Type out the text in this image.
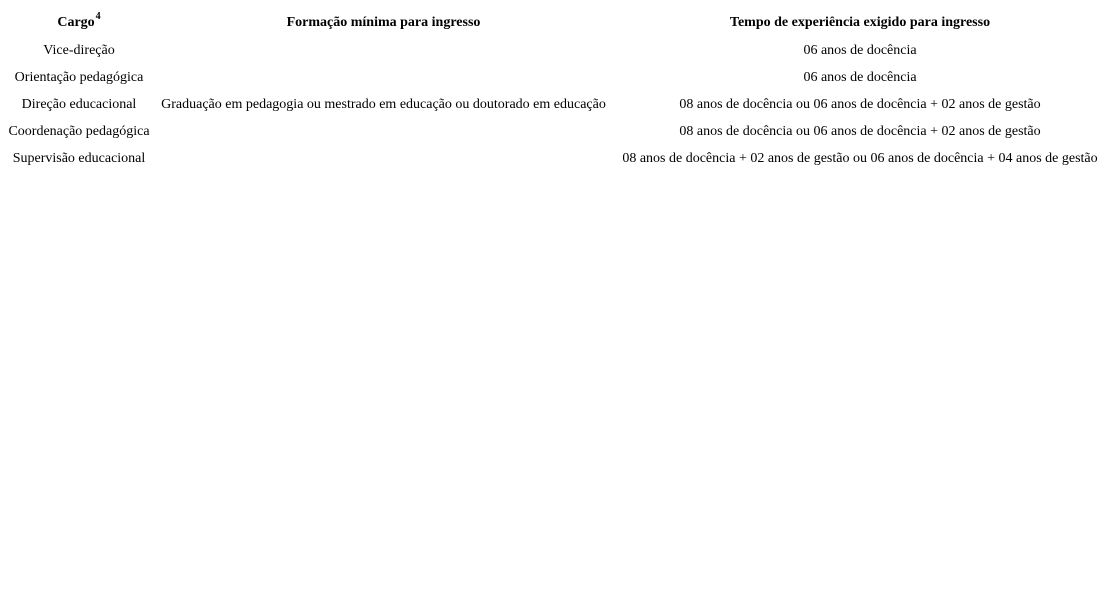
Cargo$^4$	Formação mínima para ingresso	Tempo de experiência exigido para ingresso
Vice-direção		06 anos de docência
Orientação pedagógica		06 anos de docência
Direção educacional	Graduação em pedagogia ou mestrado em educação ou doutorado em educação	08 anos de docência ou 06 anos de docência + 02 anos de gestão
Coordenação pedagógica		08 anos de docência ou 06 anos de docência + 02 anos de gestão
Supervisão educacional		08 anos de docência + 02 anos de gestão ou 06 anos de docência + 04 anos de gestão
